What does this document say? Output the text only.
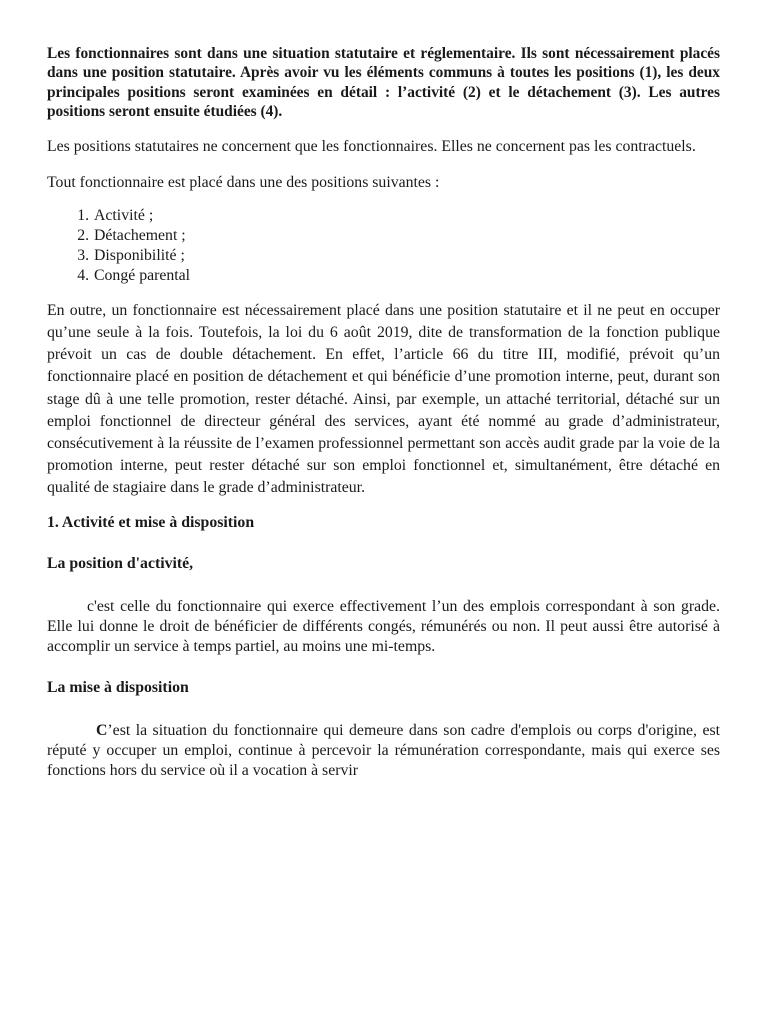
Les fonctionnaires sont dans une situation statutaire et réglementaire. Ils sont nécessairement placés dans une position statutaire. Après avoir vu les éléments communs à toutes les positions (1), les deux principales positions seront examinées en détail : l’activité (2) et le détachement (3). Les autres positions seront ensuite étudiées (4).

Les positions statutaires ne concernent que les fonctionnaires. Elles ne concernent pas les contractuels.

Tout fonctionnaire est placé dans une des positions suivantes :

1. Activité ;
2. Détachement ;
3. Disponibilité ;
4. Congé parental

En outre, un fonctionnaire est nécessairement placé dans une position statutaire et il ne peut en occuper qu’une seule à la fois. Toutefois, la loi du 6 août 2019, dite de transformation de la fonction publique prévoit un cas de double détachement. En effet, l’article 66 du titre III, modifié, prévoit qu’un fonctionnaire placé en position de détachement et qui bénéficie d’une promotion interne, peut, durant son stage dû à une telle promotion, rester détaché. Ainsi, par exemple, un attaché territorial, détaché sur un emploi fonctionnel de directeur général des services, ayant été nommé au grade d’administrateur, consécutivement à la réussite de l’examen professionnel permettant son accès audit grade par la voie de la promotion interne, peut rester détaché sur son emploi fonctionnel et, simultanément, être détaché en qualité de stagiaire dans le grade d’administrateur.

1. Activité et mise à disposition

La position d'activité,

c'est celle du fonctionnaire qui exerce effectivement l’un des emplois correspondant à son grade. Elle lui donne le droit de bénéficier de différents congés, rémunérés ou non. Il peut aussi être autorisé à accomplir un service à temps partiel, au moins une mi-temps.

La mise à disposition

C’est la situation du fonctionnaire qui demeure dans son cadre d'emplois ou corps d'origine, est réputé y occuper un emploi, continue à percevoir la rémunération correspondante, mais qui exerce ses fonctions hors du service où il a vocation à servir
